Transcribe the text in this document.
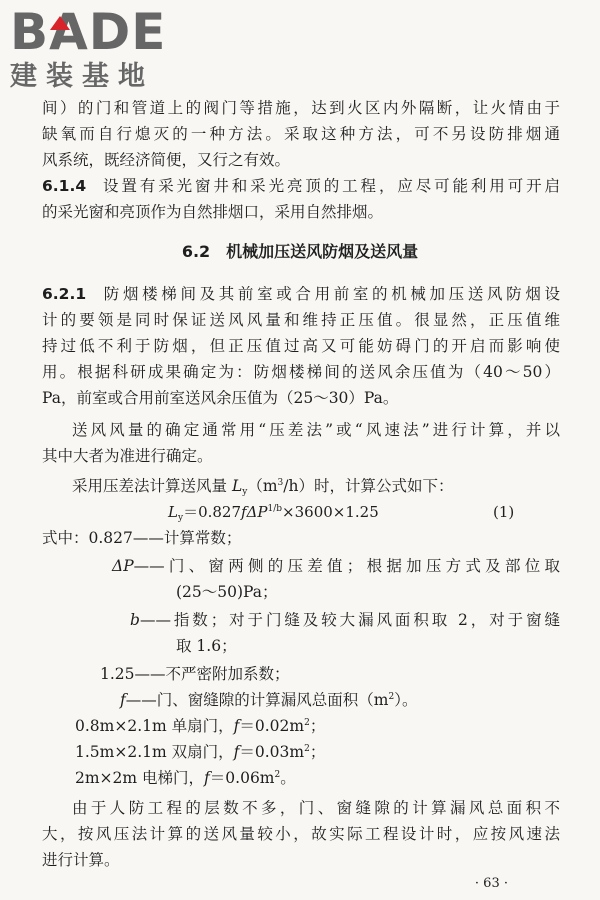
BADE
建装基地
间）的门和管道上的阀门等措施，达到火区内外隔断，让火情由于
缺氧而自行熄灭的一种方法。采取这种方法，可不另设防排烟通
风系统，既经济简便，又行之有效。
6.1.4 设置有采光窗井和采光亮顶的工程，应尽可能利用可开启
的采光窗和亮顶作为自然排烟口，采用自然排烟。
6.2 机械加压送风防烟及送风量
6.2.1 防烟楼梯间及其前室或合用前室的机械加压送风防烟设
计的要领是同时保证送风风量和维持正压值。很显然，正压值维
持过低不利于防烟，但正压值过高又可能妨碍门的开启而影响使
用。根据科研成果确定为：防烟楼梯间的送风余压值为（40～50）
Pa，前室或合用前室送风余压值为（25～30）Pa。
送风风量的确定通常用“压差法”或“风速法”进行计算，并以
其中大者为准进行确定。
采用压差法计算送风量 $L_y(m^3/h)$时，计算公式如下：
$L_y=0.827f\Delta P^{1/b}\times 3600\times 1.25$	(1)
式中：0.827——计算常数；
ΔP——门、窗两侧的压差值；根据加压方式及部位取
(25～50)Pa；
b——指数；对于门缝及较大漏风面积取 2，对于窗缝
取 1.6；
1.25——不严密附加系数；
f——门、窗缝隙的计算漏风总面积$(m^2)$。
0.8m×2.1m 单扇门，$f=0.02m^2$；
1.5m×2.1m 双扇门，$f=0.03m^2$；
2m×2m 电梯门，$f=0.06m^2$。
由于人防工程的层数不多，门、窗缝隙的计算漏风总面积不
大，按风压法计算的送风量较小，故实际工程设计时，应按风速法
进行计算。
· 63 ·
